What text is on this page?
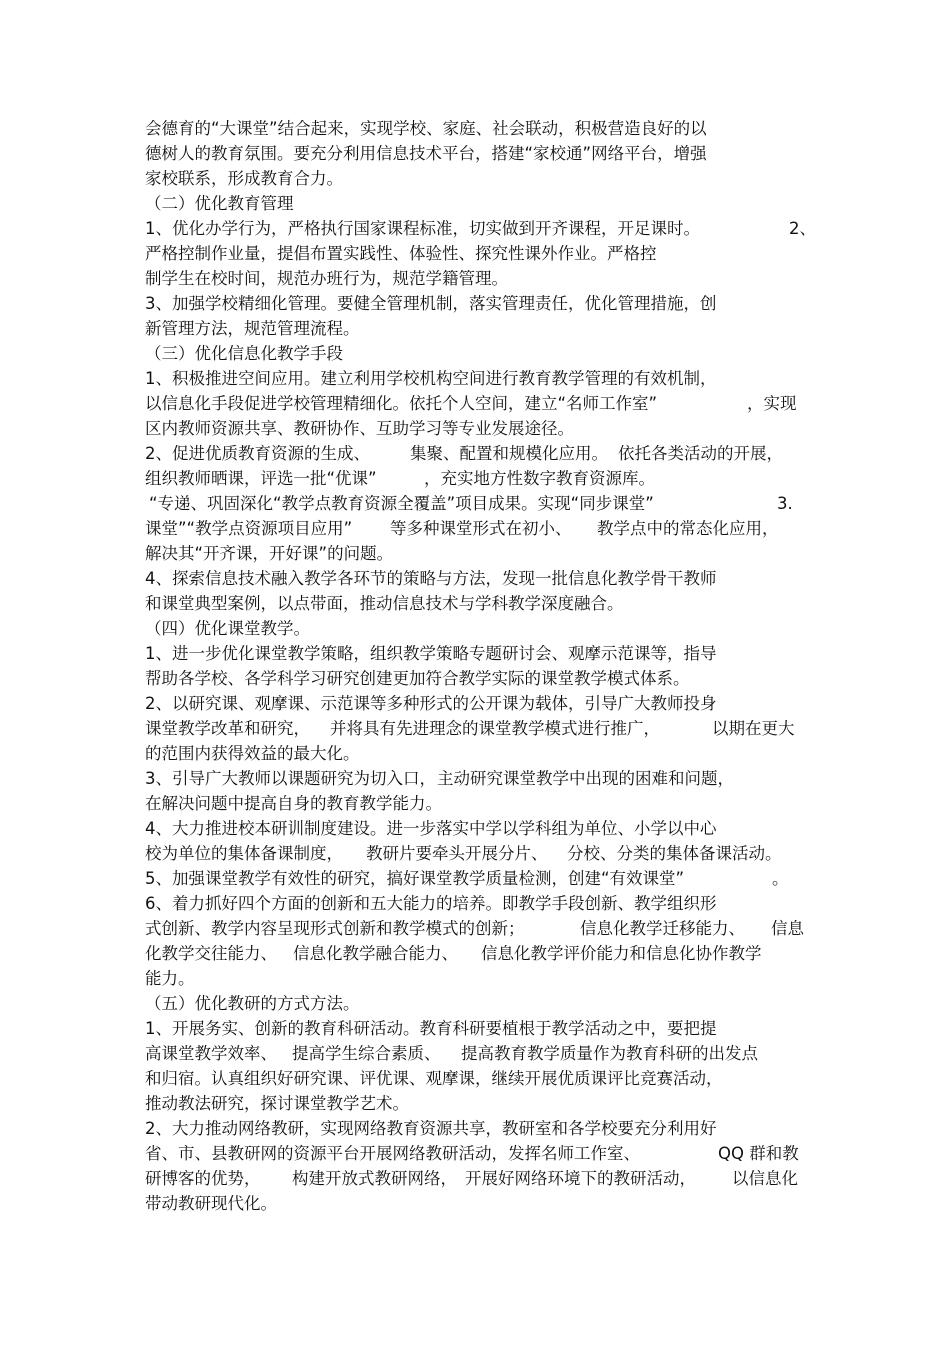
会德育的“大课堂”结合起来，实现学校、家庭、社会联动，积极营造良好的以

德树人的教育氛围。要充分利用信息技术平台，搭建“家校通”网络平台，增强

家校联系，形成教育合力。

（二）优化教育管理

1、优化办学行为，严格执行国家课程标准，切实做到开齐课程，开足课时。	2、

严格控制作业量，提倡布置实践性、体验性、探究性课外作业。严格控

制学生在校时间，规范办班行为，规范学籍管理。

3、加强学校精细化管理。要健全管理机制，落实管理责任，优化管理措施，创

新管理方法，规范管理流程。

（三）优化信息化教学手段

1、积极推进空间应用。建立利用学校机构空间进行教育教学管理的有效机制，

以信息化手段促进学校管理精细化。依托个人空间，建立“名师工作室”	，实现

区内教师资源共享、教研协作、互助学习等专业发展途径。

2、促进优质教育资源的生成、 集聚、配置和规模化应用。 依托各类活动的开展，

组织教师晒课，评选一批“优课”	，充实地方性数字教育资源库。

“专递、巩固深化“教学点教育资源全覆盖”项目成果。实现“同步课堂”	3.

课堂”“教学点资源项目应用” 等多种课堂形式在初小、 教学点中的常态化应用，

解决其“开齐课，开好课”的问题。

4、探索信息技术融入教学各环节的策略与方法，发现一批信息化教学骨干教师

和课堂典型案例，以点带面，推动信息技术与学科教学深度融合。

（四）优化课堂教学。

1、进一步优化课堂教学策略，组织教学策略专题研讨会、观摩示范课等，指导

帮助各学校、各学科学习研究创建更加符合教学实际的课堂教学模式体系。

2、以研究课、观摩课、示范课等多种形式的公开课为载体，引导广大教师投身

课堂教学改革和研究， 并将具有先进理念的课堂教学模式进行推广，	以期在更大

的范围内获得效益的最大化。

3、引导广大教师以课题研究为切入口， 主动研究课堂教学中出现的困难和问题，

在解决问题中提高自身的教育教学能力。

4、大力推进校本研训制度建设。进一步落实中学以学科组为单位、小学以中心

校为单位的集体备课制度， 教研片要牵头开展分片、 分校、分类的集体备课活动。

5、加强课堂教学有效性的研究，搞好课堂教学质量检测，创建“有效课堂”	。

6、着力抓好四个方面的创新和五大能力的培养。即教学手段创新、教学组织形

式创新、教学内容呈现形式创新和教学模式的创新；	信息化教学迁移能力、 信息

化教学交往能力、 信息化教学融合能力、 信息化教学评价能力和信息化协作教学

能力。

（五）优化教研的方式方法。

1、开展务实、创新的教育科研活动。教育科研要植根于教学活动之中，要把提

高课堂教学效率、 提高学生综合素质、 提高教育教学质量作为教育科研的出发点

和归宿。认真组织好研究课、评优课、观摩课，继续开展优质课评比竞赛活动，

推动教法研究，探讨课堂教学艺术。

2、大力推动网络教研，实现网络教育资源共享，教研室和各学校要充分利用好

省、市、县教研网的资源平台开展网络教研活动，发挥名师工作室、	QQ 群和教

研博客的优势， 构建开放式教研网络， 开展好网络环境下的教研活动， 以信息化

带动教研现代化。
